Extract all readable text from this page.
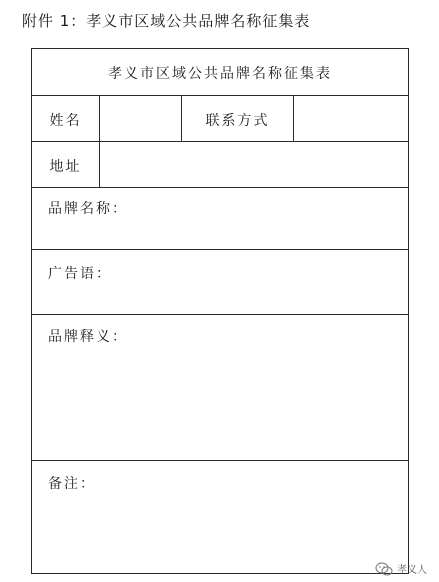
附件 1：孝义市区域公共品牌名称征集表
孝义市区域公共品牌名称征集表
姓名	联系方式
地址
品牌名称：
广告语：
品牌释义：
备注：
孝义人
